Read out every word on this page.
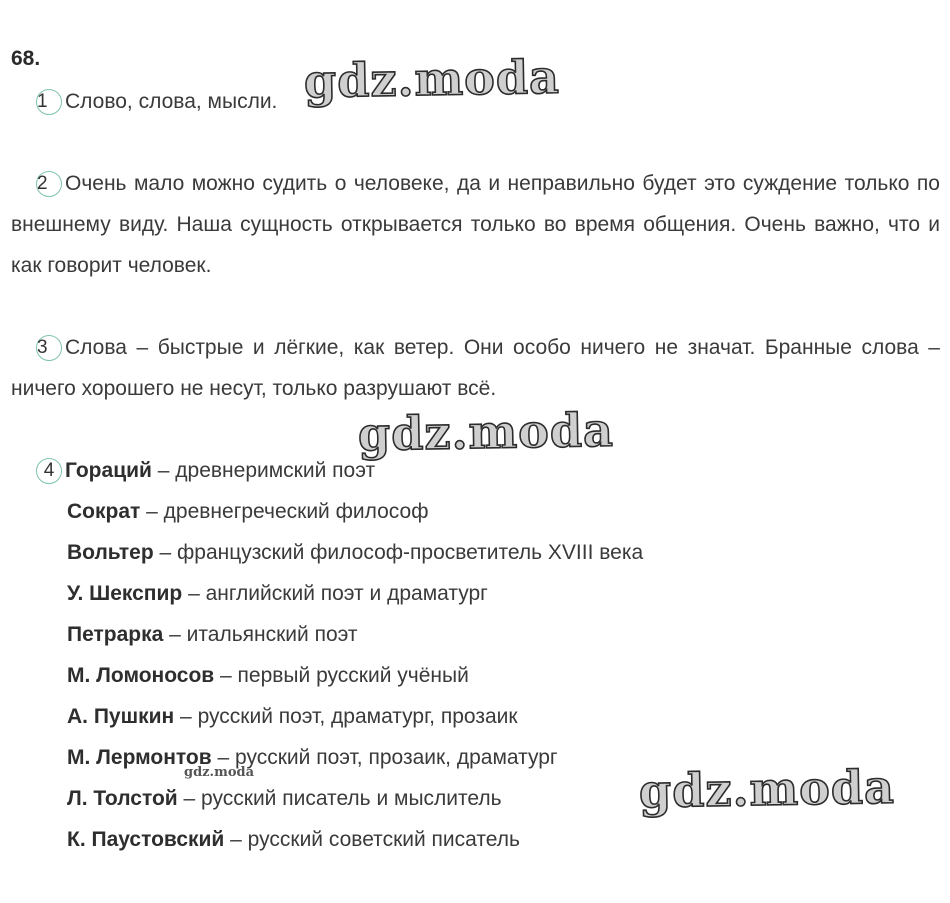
68.
1 Слово, слова, мысли.
2 Очень мало можно судить о человеке, да и неправильно будет это суждение только по внешнему виду. Наша сущность открывается только во время общения. Очень важно, что и как говорит человек.
3 Слова – быстрые и лёгкие, как ветер. Они особо ничего не значат. Бранные слова – ничего хорошего не несут, только разрушают всё.
4 Гораций – древнеримский поэт
Сократ – древнегреческий философ
Вольтер – французский философ-просветитель XVIII века
У. Шекспир – английский поэт и драматург
Петрарка – итальянский поэт
М. Ломоносов – первый русский учёный
А. Пушкин – русский поэт, драматург, прозаик
М. Лермонтов – русский поэт, прозаик, драматург
Л. Толстой – русский писатель и мыслитель
К. Паустовский – русский советский писатель
gdz.moda
gdz.moda
gdz.moda
gdz.moda
